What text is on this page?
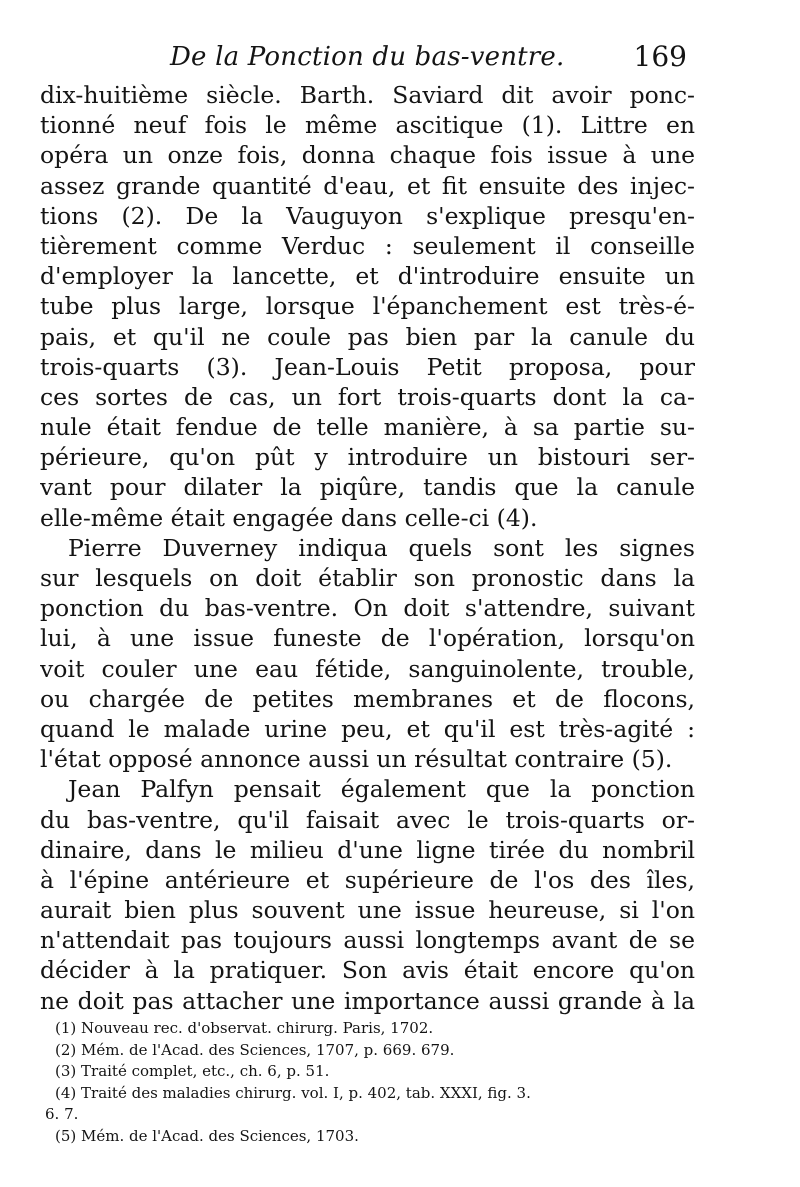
De la Ponction du bas-ventre. 169
dix-huitième siècle. Barth. Saviard dit avoir ponc-
tionné neuf fois le même ascitique (1). Littre en
opéra un onze fois, donna chaque fois issue à une
assez grande quantité d'eau, et fit ensuite des injec-
tions (2). De la Vauguyon s'explique presqu'en-
tièrement comme Verduc : seulement il conseille
d'employer la lancette, et d'introduire ensuite un
tube plus large, lorsque l'épanchement est très-é-
pais, et qu'il ne coule pas bien par la canule du
trois-quarts (3). Jean-Louis Petit proposa, pour
ces sortes de cas, un fort trois-quarts dont la ca-
nule était fendue de telle manière, à sa partie su-
périeure, qu'on pût y introduire un bistouri ser-
vant pour dilater la piqûre, tandis que la canule
elle-même était engagée dans celle-ci (4).
Pierre Duverney indiqua quels sont les signes
sur lesquels on doit établir son pronostic dans la
ponction du bas-ventre. On doit s'attendre, suivant
lui, à une issue funeste de l'opération, lorsqu'on
voit couler une eau fétide, sanguinolente, trouble,
ou chargée de petites membranes et de flocons,
quand le malade urine peu, et qu'il est très-agité :
l'état opposé annonce aussi un résultat contraire (5).
Jean Palfyn pensait également que la ponction
du bas-ventre, qu'il faisait avec le trois-quarts or-
dinaire, dans le milieu d'une ligne tirée du nombril
à l'épine antérieure et supérieure de l'os des îles,
aurait bien plus souvent une issue heureuse, si l'on
n'attendait pas toujours aussi longtemps avant de se
décider à la pratiquer. Son avis était encore qu'on
ne doit pas attacher une importance aussi grande à la
(1) Nouveau rec. d'observat. chirurg. Paris, 1702.
(2) Mém. de l'Acad. des Sciences, 1707, p. 669. 679.
(3) Traité complet, etc., ch. 6, p. 51.
(4) Traité des maladies chirurg. vol. I, p. 402, tab. XXXI, fig. 3.
6. 7.
(5) Mém. de l'Acad. des Sciences, 1703.
